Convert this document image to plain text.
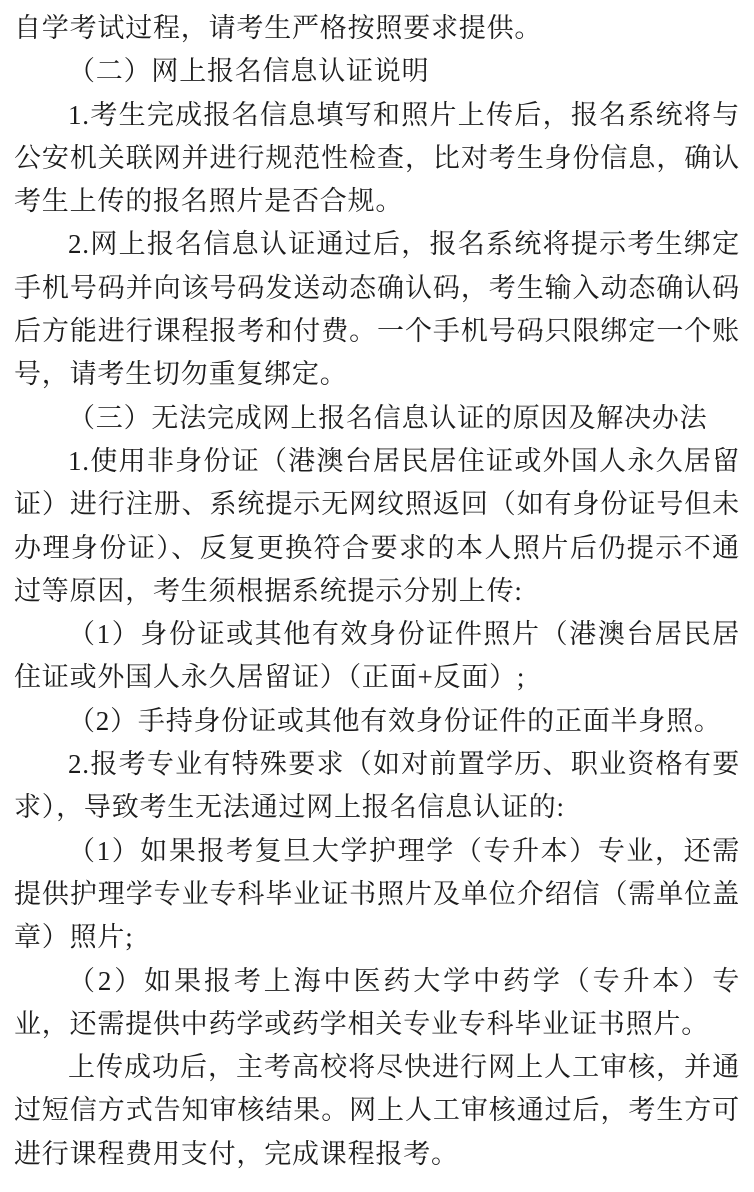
自学考试过程，请考生严格按照要求提供。

（二）网上报名信息认证说明

1.考生完成报名信息填写和照片上传后，报名系统将与公安机关联网并进行规范性检查，比对考生身份信息，确认考生上传的报名照片是否合规。

2.网上报名信息认证通过后，报名系统将提示考生绑定手机号码并向该号码发送动态确认码，考生输入动态确认码后方能进行课程报考和付费。一个手机号码只限绑定一个账号，请考生切勿重复绑定。

（三）无法完成网上报名信息认证的原因及解决办法

1.使用非身份证（港澳台居民居住证或外国人永久居留证）进行注册、系统提示无网纹照返回（如有身份证号但未办理身份证）、反复更换符合要求的本人照片后仍提示不通过等原因，考生须根据系统提示分别上传:

（1）身份证或其他有效身份证件照片（港澳台居民居住证或外国人永久居留证）（正面+反面）;

（2）手持身份证或其他有效身份证件的正面半身照。

2.报考专业有特殊要求（如对前置学历、职业资格有要求），导致考生无法通过网上报名信息认证的:

（1）如果报考复旦大学护理学（专升本）专业，还需提供护理学专业专科毕业证书照片及单位介绍信（需单位盖章）照片;

（2）如果报考上海中医药大学中药学（专升本）专业，还需提供中药学或药学相关专业专科毕业证书照片。

上传成功后，主考高校将尽快进行网上人工审核，并通过短信方式告知审核结果。网上人工审核通过后，考生方可进行课程费用支付，完成课程报考。
